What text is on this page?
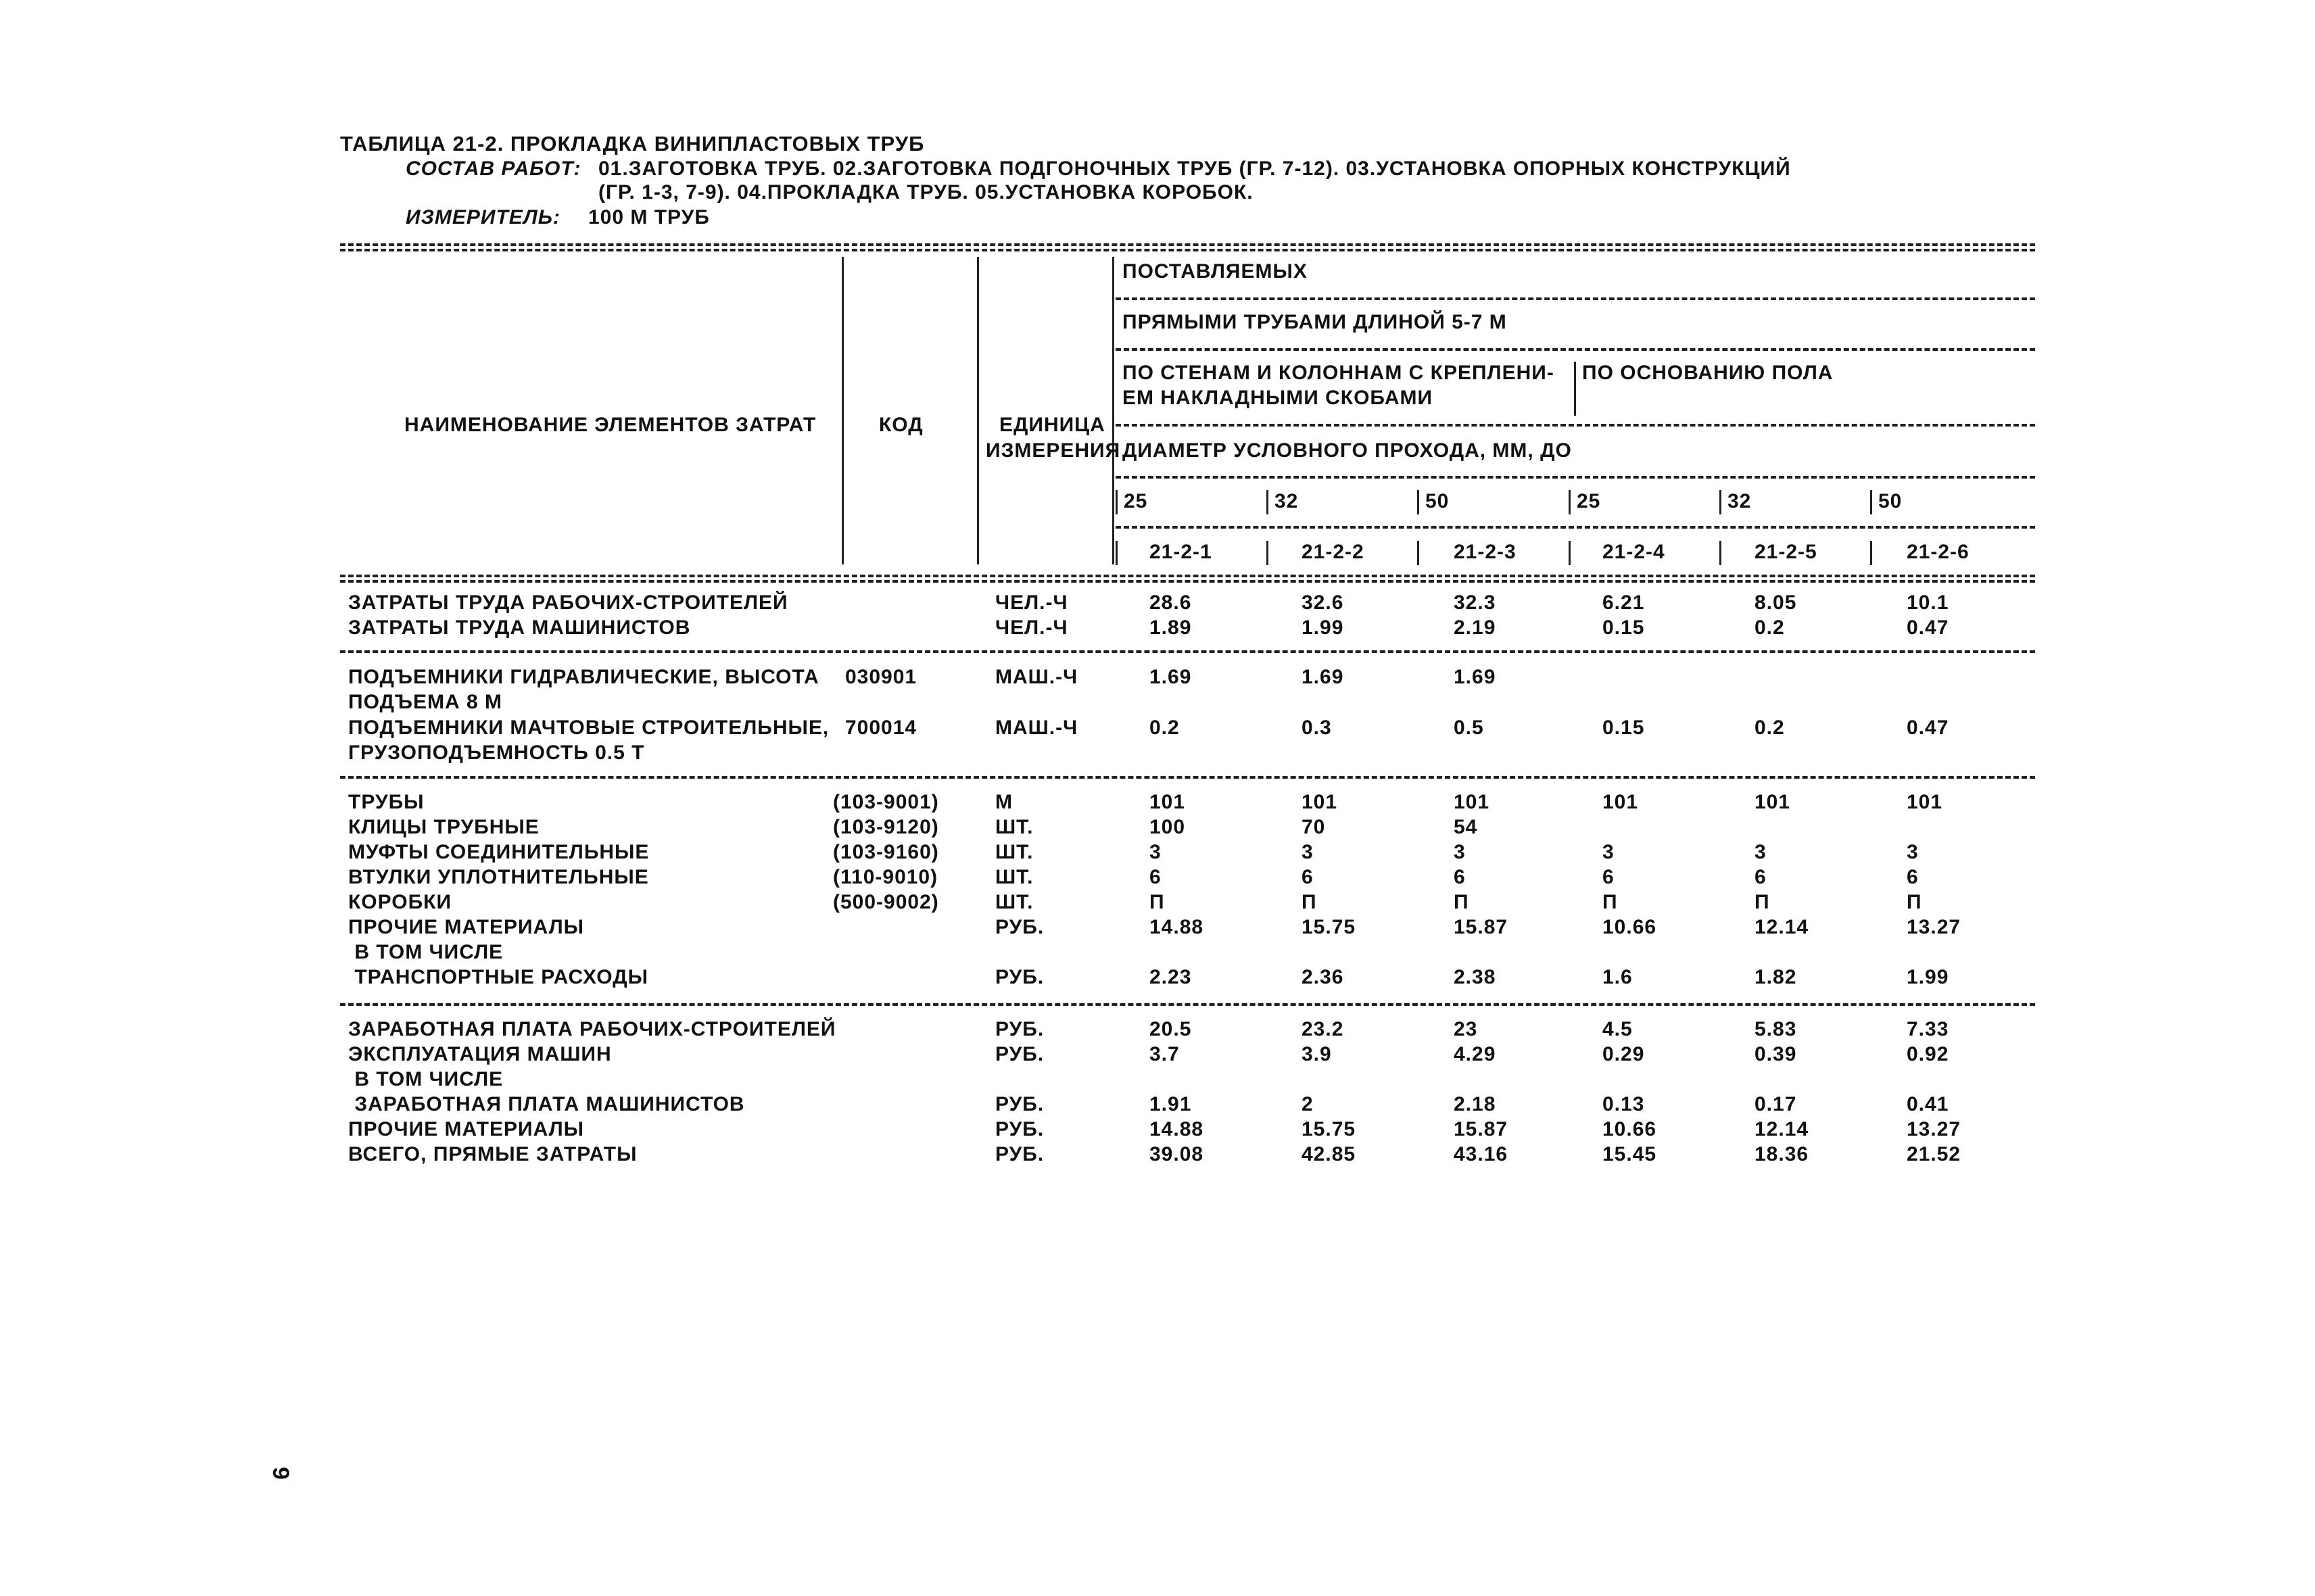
ТАБЛИЦА 21-2. ПРОКЛАДКА ВИНИПЛАСТОВЫХ ТРУБ
СОСТАВ РАБОТ: 01.ЗАГОТОВКА ТРУБ. 02.ЗАГОТОВКА ПОДГОНОЧНЫХ ТРУБ (ГР. 7-12). 03.УСТАНОВКА ОПОРНЫХ КОНСТРУКЦИЙ
(ГР. 1-3, 7-9). 04.ПРОКЛАДКА ТРУБ. 05.УСТАНОВКА КОРОБОК.
ИЗМЕРИТЕЛЬ: 100 М ТРУБ
НАИМЕНОВАНИЕ ЭЛЕМЕНТОВ ЗАТРАТ	КОД	ЕДИНИЦА
ИЗМЕРЕНИЯ
ПОСТАВЛЯЕМЫХ
ПРЯМЫМИ ТРУБАМИ ДЛИНОЙ 5-7 М
ПО СТЕНАМ И КОЛОННАМ С КРЕПЛЕНИ-
ЕМ НАКЛАДНЫМИ СКОБАМИ
ПО ОСНОВАНИЮ ПОЛА
ДИАМЕТР УСЛОВНОГО ПРОХОДА, ММ, ДО
25	32	50	25	32	50
21-2-1	21-2-2	21-2-3	21-2-4	21-2-5	21-2-6
ЗАТРАТЫ ТРУДА РАБОЧИХ-СТРОИТЕЛЕЙ	ЧЕЛ.-Ч	28.6	32.6	32.3	6.21	8.05	10.1
ЗАТРАТЫ ТРУДА МАШИНИСТОВ	ЧЕЛ.-Ч	1.89	1.99	2.19	0.15	0.2	0.47
ПОДЪЕМНИКИ ГИДРАВЛИЧЕСКИЕ, ВЫСОТА
ПОДЪЕМА 8 М
030901	МАШ.-Ч	1.69	1.69	1.69
ПОДЪЕМНИКИ МАЧТОВЫЕ СТРОИТЕЛЬНЫЕ,
ГРУЗОПОДЪЕМНОСТЬ 0.5 Т
700014	МАШ.-Ч	0.2	0.3	0.5	0.15	0.2	0.47
ТРУБЫ	(103-9001)	М	101	101	101	101	101	101
КЛИЦЫ ТРУБНЫЕ	(103-9120)	ШТ.	100	70	54
МУФТЫ СОЕДИНИТЕЛЬНЫЕ	(103-9160)	ШТ.	3	3	3	3	3	3
ВТУЛКИ УПЛОТНИТЕЛЬНЫЕ	(110-9010)	ШТ.	6	6	6	6	6	6
КОРОБКИ	(500-9002)	ШТ.	П	П	П	П	П	П
ПРОЧИЕ МАТЕРИАЛЫ	РУБ.	14.88	15.75	15.87	10.66	12.14	13.27
В ТОМ ЧИСЛЕ
ТРАНСПОРТНЫЕ РАСХОДЫ	РУБ.	2.23	2.36	2.38	1.6	1.82	1.99
ЗАРАБОТНАЯ ПЛАТА РАБОЧИХ-СТРОИТЕЛЕЙ	РУБ.	20.5	23.2	23	4.5	5.83	7.33
ЭКСПЛУАТАЦИЯ МАШИН	РУБ.	3.7	3.9	4.29	0.29	0.39	0.92
В ТОМ ЧИСЛЕ
ЗАРАБОТНАЯ ПЛАТА МАШИНИСТОВ	РУБ.	1.91	2	2.18	0.13	0.17	0.41
ПРОЧИЕ МАТЕРИАЛЫ	РУБ.	14.88	15.75	15.87	10.66	12.14	13.27
ВСЕГО, ПРЯМЫЕ ЗАТРАТЫ	РУБ.	39.08	42.85	43.16	15.45	18.36	21.52
9
